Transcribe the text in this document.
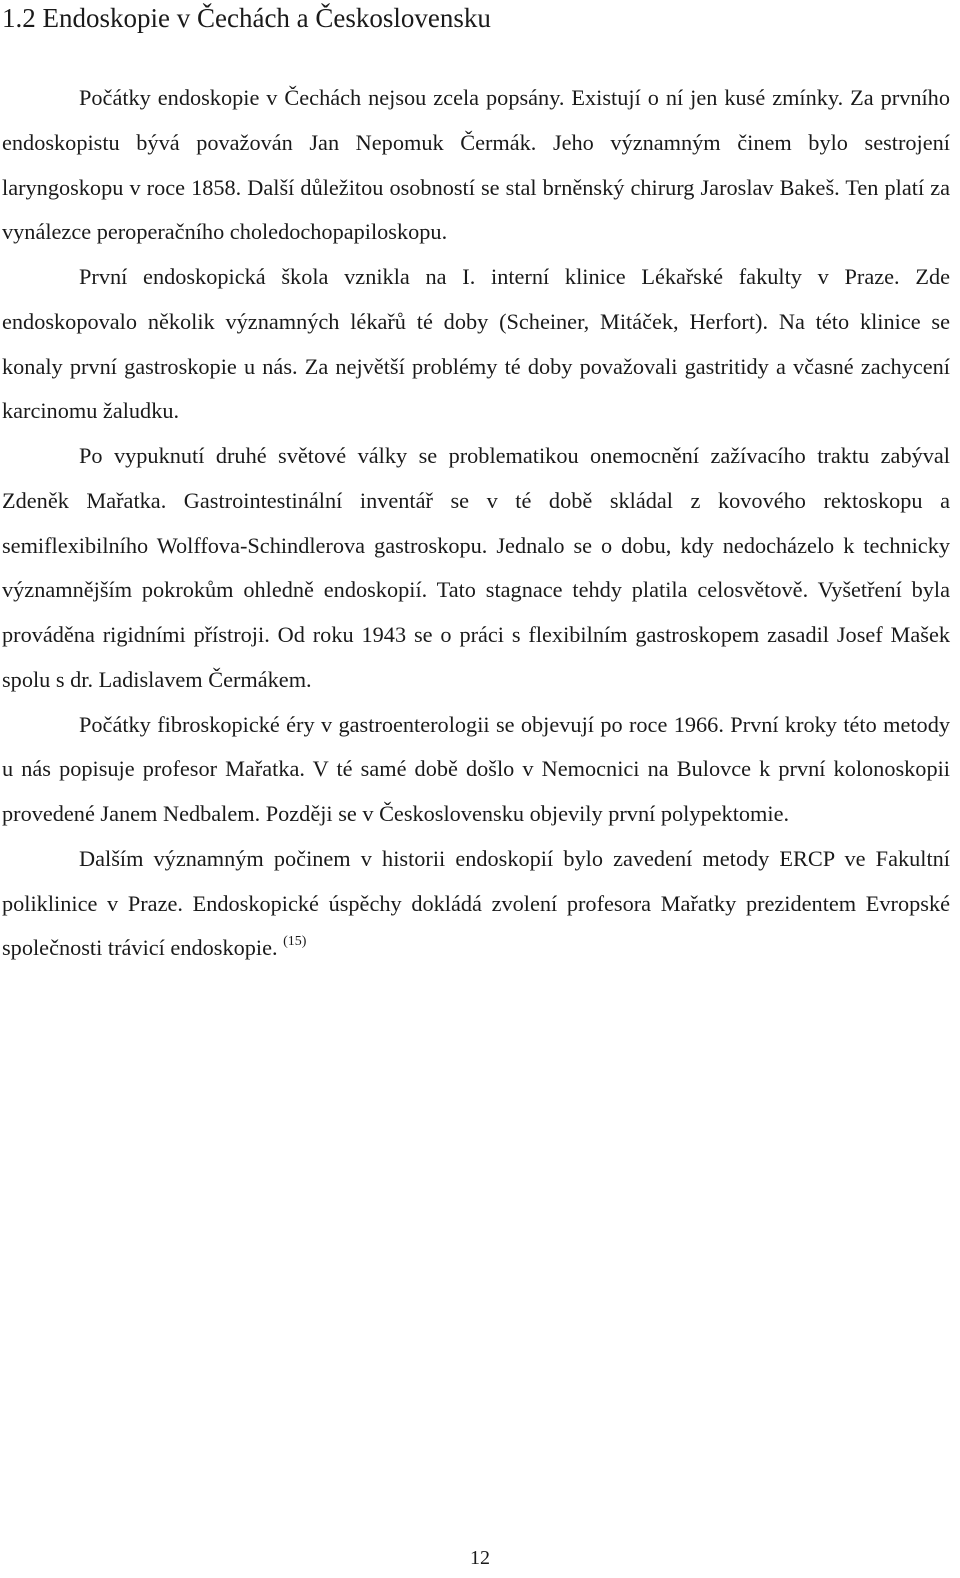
1.2 Endoskopie v Čechách a Československu

Počátky endoskopie v Čechách nejsou zcela popsány. Existují o ní jen kusé zmínky. Za prvního endoskopistu bývá považován Jan Nepomuk Čermák. Jeho významným činem bylo sestrojení laryngoskopu v roce 1858. Další důležitou osobností se stal brněnský chirurg Jaroslav Bakeš. Ten platí za vynálezce peroperačního choledochopapiloskopu.

První endoskopická škola vznikla na I. interní klinice Lékařské fakulty v Praze. Zde endoskopovalo několik významných lékařů té doby (Scheiner, Mitáček, Herfort). Na této klinice se konaly první gastroskopie u nás. Za největší problémy té doby považovali gastritidy a včasné zachycení karcinomu žaludku.

Po vypuknutí druhé světové války se problematikou onemocnění zažívacího traktu zabýval Zdeněk Mařatka. Gastrointestinální inventář se v té době skládal z kovového rektoskopu a semiflexibilního Wolffova-Schindlerova gastroskopu. Jednalo se o dobu, kdy nedocházelo k technicky významnějším pokrokům ohledně endoskopií. Tato stagnace tehdy platila celosvětově. Vyšetření byla prováděna rigidními přístroji. Od roku 1943 se o práci s flexibilním gastroskopem zasadil Josef Mašek spolu s dr. Ladislavem Čermákem.

Počátky fibroskopické éry v gastroenterologii se objevují po roce 1966. První kroky této metody u nás popisuje profesor Mařatka. V té samé době došlo v Nemocnici na Bulovce k první kolonoskopii provedené Janem Nedbalem. Později se v Československu objevily první polypektomie.

Dalším významným počinem v historii endoskopií bylo zavedení metody ERCP ve Fakultní poliklinice v Praze. Endoskopické úspěchy dokládá zvolení profesora Mařatky prezidentem Evropské společnosti trávicí endoskopie. $^{(15)}$

12
